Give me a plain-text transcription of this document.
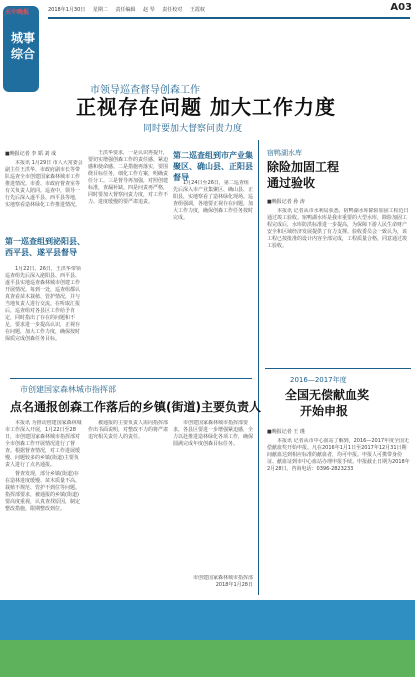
天中晚报
城事
综合
2018年1月30日 星期二 责任编辑 赵 琴 责任校对 王霞权	A03
市领导巡查督导创森工作
正视存在问题 加大工作力度
同时要加大督察问责力度
■晚报记者 李 韬 刘 成

本报讯 1月29日 市人大常委会副主任王洪华、市政府副市长等带队巡查全市创建国家森林城市工作推进情况。市委、市政府督查室等有关负责人陪同。巡查中，领导一行先后深入遂平县、西平县等地，实地察看造林绿化工作推进情况。

第一巡查组到泌阳县、西平县、遂平县督导

1月22日、26日，王洪华带领巡查组先后深入泌阳县、西平县、遂平县实地巡查森林城市创建工作开展情况。每到一处，巡查组都认真查看苗木栽植、管护情况，并与当地负责人进行交流。在听取汇报后，巡查组对各县区工作给予肯定，同时指出了存在的问题和不足，要求进一步提高认识，正视存在问题，加大工作力度，确保按时保质完成创森任务目标。

王洪华要求，一是认识再提升，要切实增强创森工作的责任感、紧迫感和使命感。二是措施再落实，要围绕目标任务，细化工作方案，明确责任分工。三是督导再加强，对照创建标准，查漏补缺。四是问责再严格，同时要加大督察问责力度，对工作不力、进度缓慢的要严肃追责。

第二巡查组到市产业集聚区、确山县、正阳县督导

1月24日至26日，第二巡查组先后深入市产业集聚区、确山县、正阳县，实地察看了造林绿化现场。巡查组强调，各地要正视存在问题，加大工作力度，确保创森工作任务按时完成。

市创建国家森林城市指挥部
点名通报创森工作落后的乡镇(街道)主要负责人

本报讯 为推动创建国家森林城市工作深入开展，1月22日至28日，市创建国家森林城市指挥部对全市创森工作开展情况进行了督查。根据督查情况，对工作进展缓慢、问题较多的乡镇(街道)主要负责人进行了点名通报。

督查发现，部分乡镇(街道)存在造林进度缓慢、苗木质量不高、栽植不规范、管护不到位等问题。指挥部要求，被通报的乡镇(街道)要高度重视，认真查找原因，制定整改措施，限期整改到位。

被通报的主要负责人需向指挥部作出书面说明，对整改不力的将严肃追究相关责任人的责任。

市创建国家森林城市指挥部要求，各县区要进一步增强紧迫感，全力以赴推进造林绿化各项工作，确保圆满完成年度创森目标任务。

市创建国家森林城市指挥部
2018年1月28日
宿鸭湖水库
除险加固工程
通过验收
■晚报记者 孙 涛

本报讯 记者从市水利局获悉，宿鸭湖水库除险加固工程近日通过竣工验收。宿鸭湖水库是我市重要的大型水库，除险加固工程完成后，水库防洪标准进一步提高，为保障下游人民生命财产安全和区域经济发展提供了有力支撑。验收委员会一致认为，该工程已按批准的设计内容全部完成，工程质量合格，同意通过竣工验收。

2016—2017年度
全国无偿献血奖
开始申报
■晚报记者 王 瑾

本报讯 记者从市中心血站了解到，2016—2017年度全国无偿献血奖开始申报。凡在2016年1月1日至2017年12月31日期间献血达到相应标准的献血者，均可申报。申报人可携带身份证、献血证到市中心血站办理申报手续。申报截止日期为2018年2月28日。咨询电话：0396-2823233

凝心聚力 先行先试
全面创建国家森林城市
